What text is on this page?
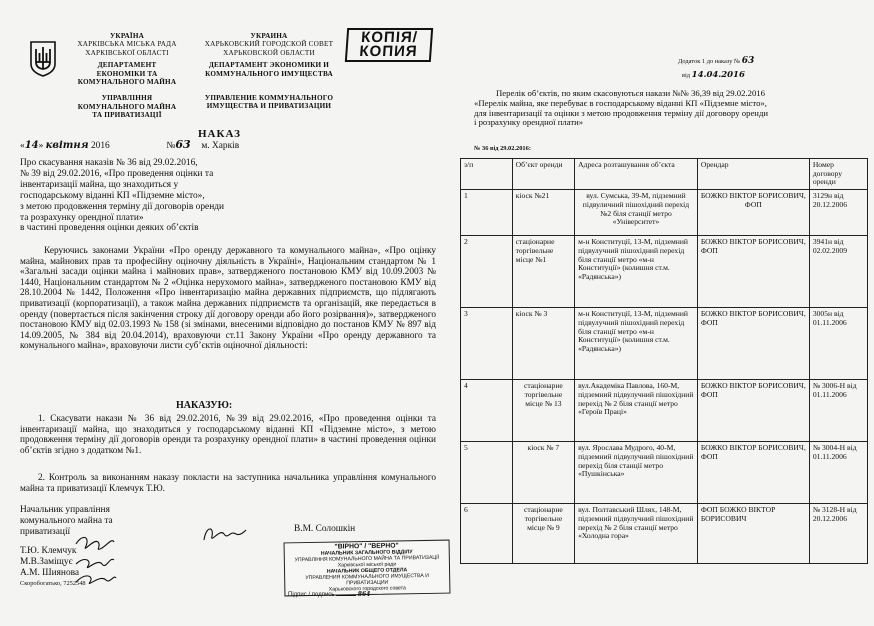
УКРАЇНА
ХАРКІВСЬКА МІСЬКА РАДА
ХАРКІВСЬКОЇ ОБЛАСТІ
ДЕПАРТАМЕНТ
ЕКОНОМІКИ ТА
КОМУНАЛЬНОГО МАЙНА
УПРАВЛІННЯ
КОМУНАЛЬНОГО МАЙНА
ТА ПРИВАТИЗАЦІЇ
УКРАИНА
ХАРЬКОВСКИЙ ГОРОДСКОЙ СОВЕТ
ХАРЬКОВСКОЙ ОБЛАСТИ
ДЕПАРТАМЕНТ ЭКОНОМИКИ И
КОММУНАЛЬНОГО ИМУЩЕСТВА
УПРАВЛЕНИЕ КОММУНАЛЬНОГО
ИМУЩЕСТВА И ПРИВАТИЗАЦИИ
КОПІЯ/
КОПИЯ
НАКАЗ
«14» квітня 2016	№63 м. Харків
Про скасування наказів № 36 від 29.02.2016,
№ 39 від 29.02.2016, «Про проведення оцінки та
інвентаризації майна, що знаходиться у
господарському віданні КП «Підземне місто»,
з метою продовження терміну дії договорів оренди
та розрахунку орендної плати»
в частині проведення оцінки деяких об’єктів
Керуючись законами України «Про оренду державного та комунального майна», «Про оцінку майна, майнових прав та професійну оціночну діяльність в Україні», Національним стандартом № 1 «Загальні засади оцінки майна і майнових прав», затвердженого постановою КМУ від 10.09.2003 № 1440, Національним стандартом № 2 «Оцінка нерухомого майна», затвердженого постановою КМУ від 28.10.2004 № 1442, Положення «Про інвентаризацію майна державних підприємств, що підлягають приватизації (корпоратизації), а також майна державних підприємств та організацій, яке передається в оренду (повертається після закінчення строку дії договору оренди або його розірвання)», затвердженого постановою КМУ від 02.03.1993 № 158 (зі змінами, внесеними відповідно до постанов КМУ № 897 від 14.09.2005, № 384 від 20.04.2014), враховуючи ст.11 Закону України «Про оренду державного та комунального майна», враховуючи листи суб’єктів оціночної діяльності:
НАКАЗУЮ:
1. Скасувати накази № 36 від 29.02.2016, №39 від 29.02.2016, «Про проведення оцінки та інвентаризації майна, що знаходиться у господарському віданні КП «Підземне місто», з метою продовження терміну дії договорів оренди та розрахунку орендної плати» в частині проведення оцінки об’єктів згідно з додатком №1.
2. Контроль за виконанням наказу покласти на заступника начальника управління комунального майна та приватизації Клемчук Т.Ю.
Начальник управління
комунального майна та
приватизації
Т.Ю. Клемчук
М.В.Заміщує
А.М. Шиянова
Скоробогатько, 7252548
В.М. Солошкін
"ВІРНО" / "ВЕРНО"
НАЧАЛЬНИК ЗАГАЛЬНОГО ВІДДІЛУ
УПРАВЛІННЯ КОМУНАЛЬНОГО МАЙНА ТА ПРИВАТИЗАЦІЇ
Харківської міської ради
НАЧАЛЬНИК ОБЩЕГО ОТДЕЛА
УПРАВЛЕНИЯ КОММУНАЛЬНОГО ИМУЩЕСТВА И ПРИВАТИЗАЦИИ
Харьковского городского совета
Підпис / подпись	864
Додаток 1 до наказу № 63
від 14.04.2016
Перелік об’єктів, по яким скасовуються накази №№ 36,39 від 29.02.2016
«Перелік майна, яке перебуває в господарському віданні КП «Підземне місто»,
для інвентаризації та оцінки з метою продовження терміну дії договору оренди
і розрахунку орендної плати»
№ 36 від 29.02.2016:
з/п	Об’єкт оренди	Адреса розташування об’єкта	Орендар	Номер договору оренди
1	кіоск №21	вул. Сумська, 39-М, підземний підвуличний пішохідний перехід №2 біля станції метро «Університет»	БОЖКО ВІКТОР БОРИСОВИЧ, ФОП	3129н від 20.12.2006
2	стаціонарне торгівельне місце №1	м-н Конституції, 13-М, підземний підвулучний пішохідний перехід біля станції метро «м-н Конституції» (колишня ст.м. «Радянська»)	БОЖКО ВІКТОР БОРИСОВИЧ, ФОП	3941н від 02.02.2009
3	кіоск № 3	м-н Конституції, 13-М, підземний підвулучний пішохідний перехід біля станції метро «м-н Конституції» (колишня ст.м. «Радянська»)	БОЖКО ВІКТОР БОРИСОВИЧ, ФОП	3005н від 01.11.2006
4	стаціонарне торгівельне місце № 13	вул.Академіка Павлова, 160-М, підземний підвулучний пішохідний перехід № 2 біля станції метро «Героїв Праці»	БОЖКО ВІКТОР БОРИСОВИЧ, ФОП	№ 3006-Н від 01.11.2006
5	кіоск № 7	вул. Ярослава Мудрого, 40-М, підземний підвулучний пішохідний перехід біля станції метро «Пушкінська»	БОЖКО ВІКТОР БОРИСОВИЧ, ФОП	№ 3004-Н від 01.11.2006
6	стаціонарне торгівельне місце № 9	вул. Полтавський Шлях, 148-М, підземний підвулучний пішохідний перехід № 2 біля станції метро «Холодна гора»	ФОП БОЖКО ВІКТОР БОРИСОВИЧ	№ 3128-Н від 20.12.2006
